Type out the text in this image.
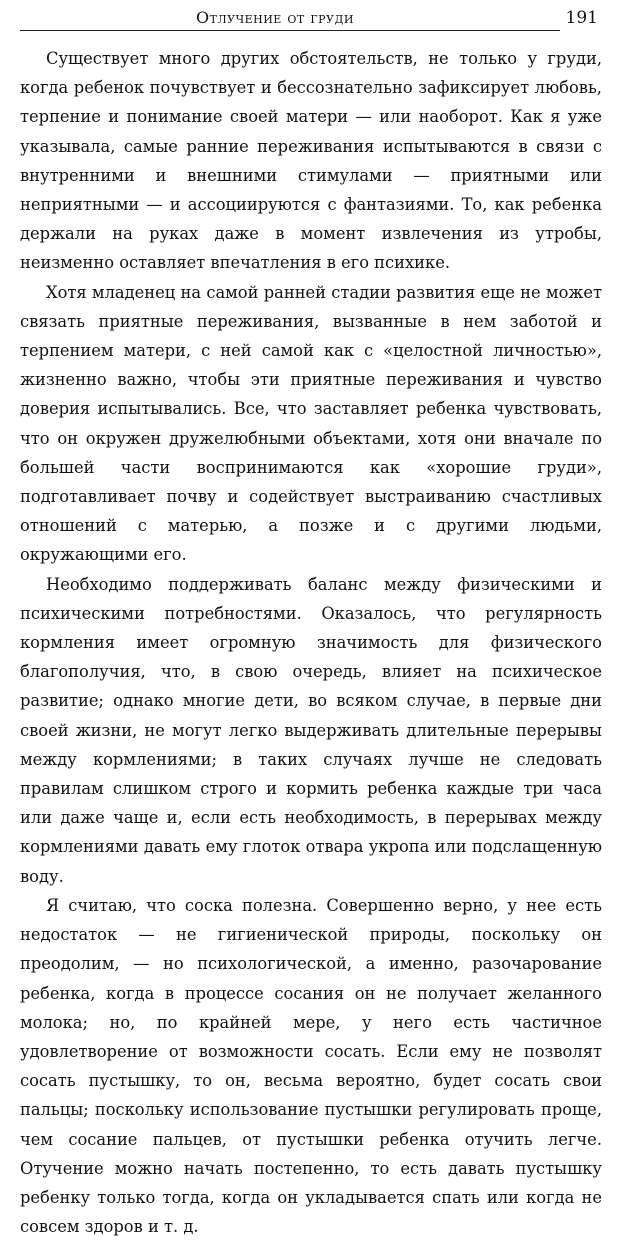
Отлучение от груди	191

Существует много других обстоятельств, не только у груди, когда ребенок почувствует и бессознательно зафиксирует любовь, терпение и понимание своей матери — или наоборот. Как я уже указывала, самые ранние переживания испытываются в связи с внутренними и внешними стимулами — приятными или неприятными — и ассоциируются с фантазиями. То, как ребенка держали на руках даже в момент извлечения из утробы, неизменно оставляет впечатления в его психике.

Хотя младенец на самой ранней стадии развития еще не может связать приятные переживания, вызванные в нем заботой и терпением матери, с ней самой как с «целостной личностью», жизненно важно, чтобы эти приятные переживания и чувство доверия испытывались. Все, что заставляет ребенка чувствовать, что он окружен дружелюбными объектами, хотя они вначале по большей части воспринимаются как «хорошие груди», подготавливает почву и содействует выстраиванию счастливых отношений с матерью, а позже и с другими людьми, окружающими его.

Необходимо поддерживать баланс между физическими и психическими потребностями. Оказалось, что регулярность кормления имеет огромную значимость для физического благополучия, что, в свою очередь, влияет на психическое развитие; однако многие дети, во всяком случае, в первые дни своей жизни, не могут легко выдерживать длительные перерывы между кормлениями; в таких случаях лучше не следовать правилам слишком строго и кормить ребенка каждые три часа или даже чаще и, если есть необходимость, в перерывах между кормлениями давать ему глоток отвара укропа или подслащенную воду.

Я считаю, что соска полезна. Совершенно верно, у нее есть недостаток — не гигиенической природы, поскольку он преодолим, — но психологической, а именно, разочарование ребенка, когда в процессе сосания он не получает желанного молока; но, по крайней мере, у него есть частичное удовлетворение от возможности сосать. Если ему не позволят сосать пустышку, то он, весьма вероятно, будет сосать свои пальцы; поскольку использование пустышки регулировать проще, чем сосание пальцев, от пустышки ребенка отучить легче. Отучение можно начать постепенно, то есть давать пустышку ребенку только тогда, когда он укладывается спать или когда не совсем здоров и т. д.
